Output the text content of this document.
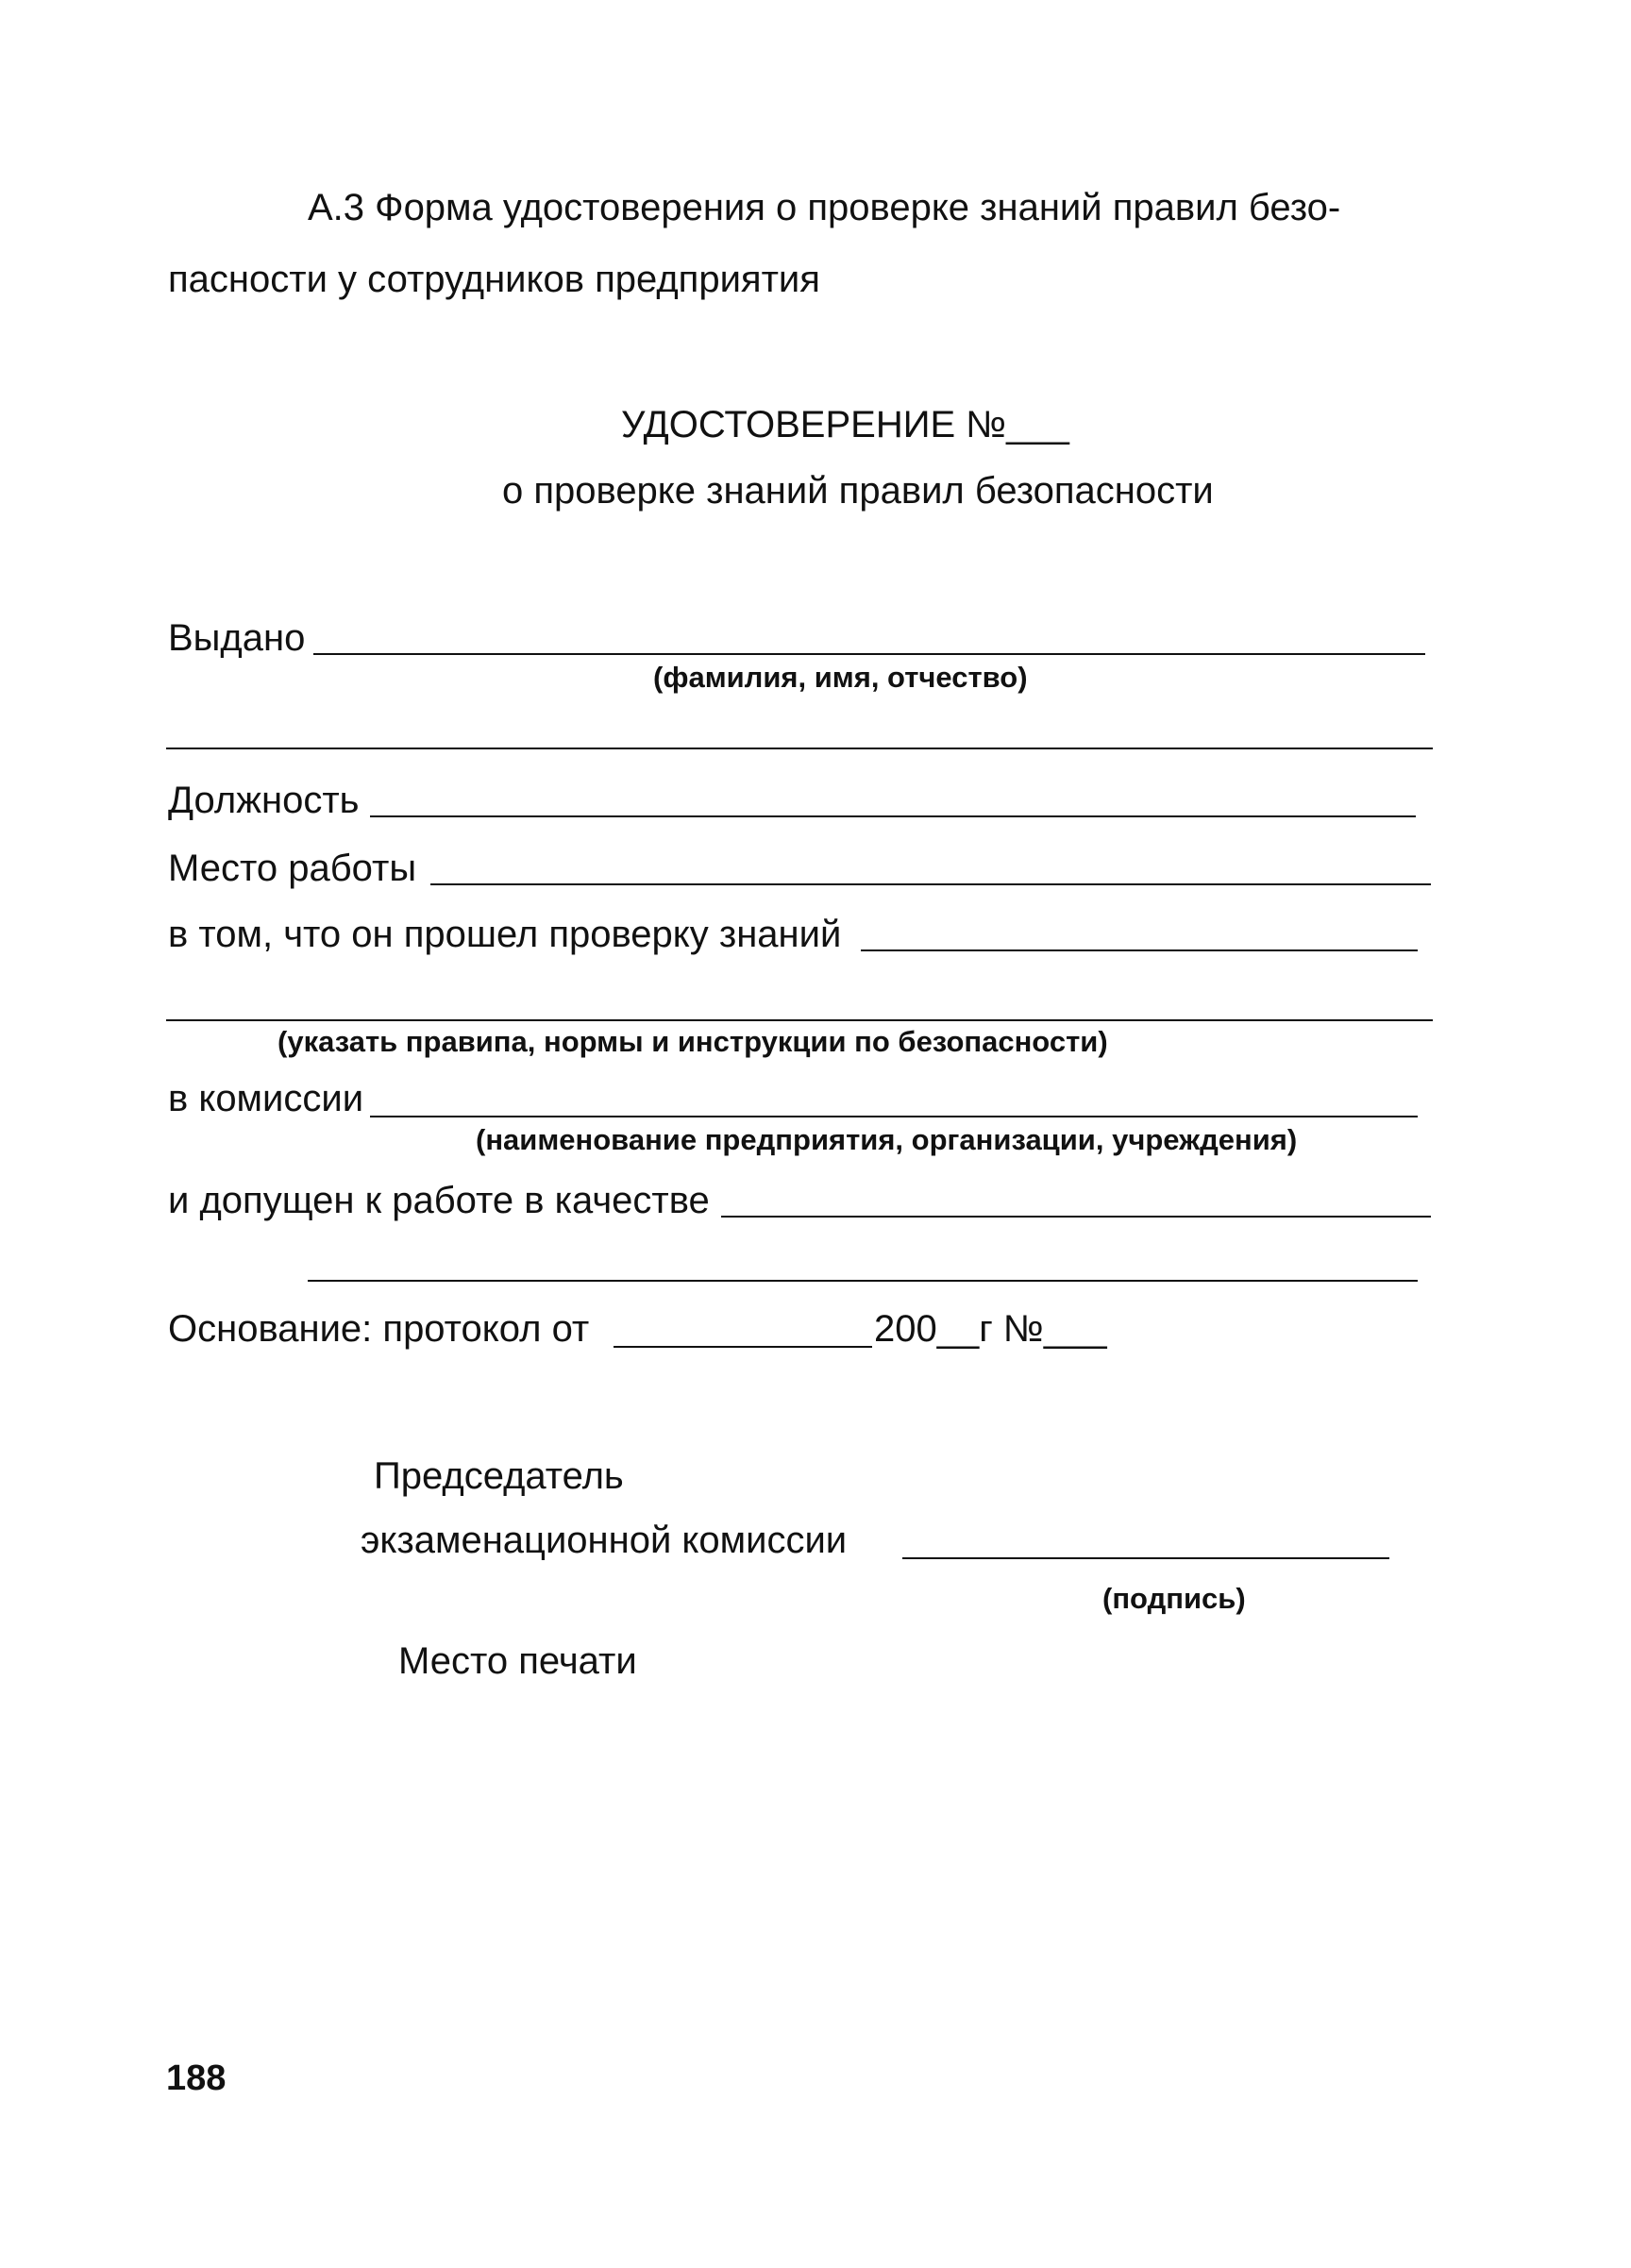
А.3 Форма удостоверения о проверке знаний правил безо-
пасности у сотрудников предприятия
УДОСТОВЕРЕНИЕ №___
о проверке знаний правил безопасности
Выдано
(фамилия, имя, отчество)
Должность
Место работы
в том, что он прошел проверку знаний
(указать правипа, нормы и инструкции по безопасности)
в комиссии
(наименование предприятия, организации, учреждения)
и допущен к работе в качестве
Основание: протокол от	200__г №___
Председатель
экзаменационной комиссии
(подпись)
Место печати
188
